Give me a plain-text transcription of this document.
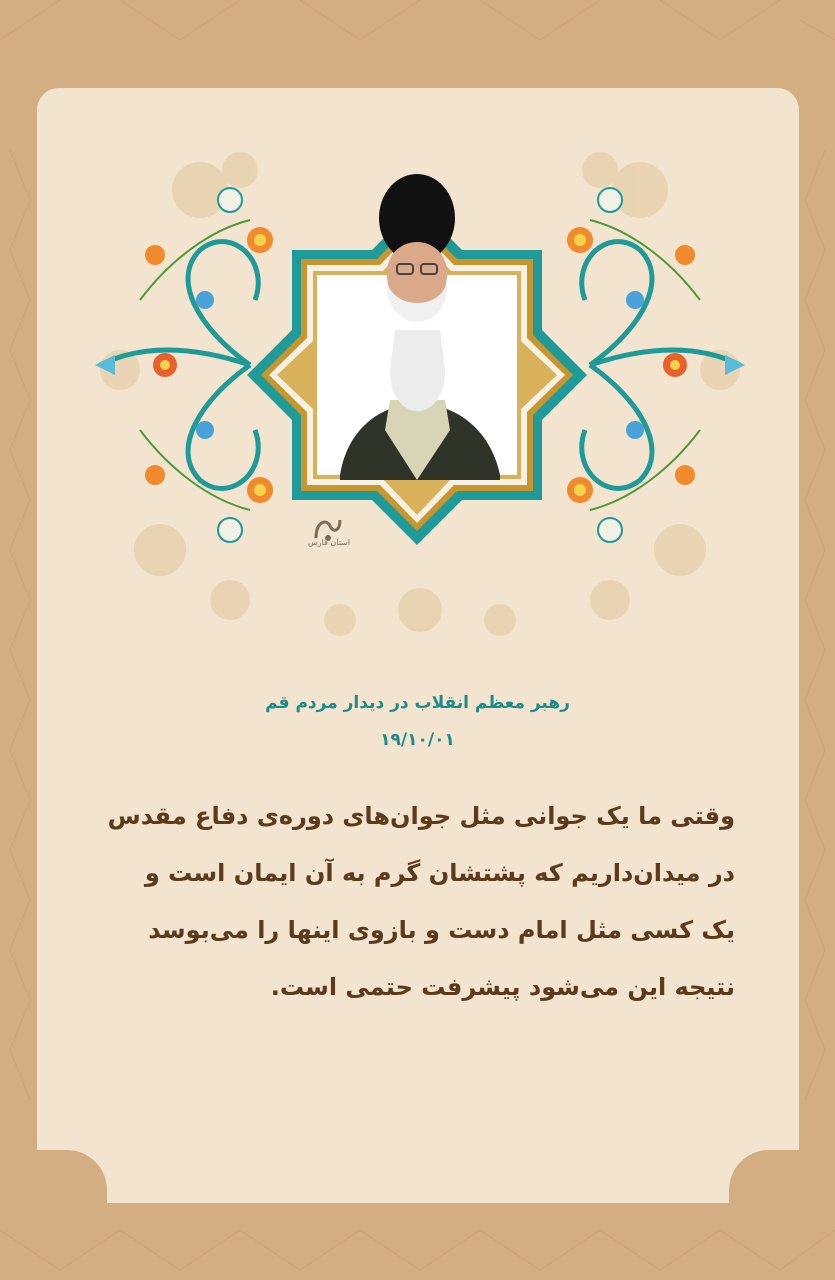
استان فارس
رهبر معظم انقلاب در دیدار مردم قم
۱۹/۱۰/۰۱
وقتی ما یک جوانی مثل جوان‌های دوره‌ی دفاع مقدس
در میدان‌داریم که پشتشان گرم به آن ایمان است و
یک کسی مثل امام دست و بازوی اینها را می‌بوسد
نتیجه این می‌شود پیشرفت حتمی است.
